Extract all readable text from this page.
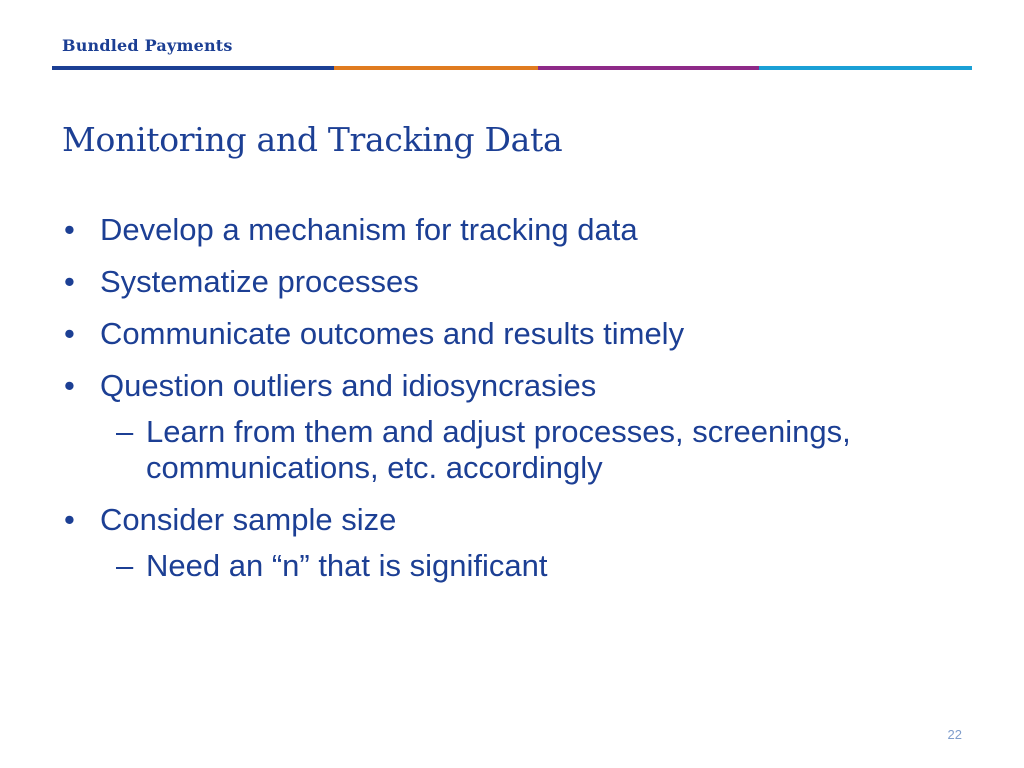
Bundled Payments
Monitoring and Tracking Data
• Develop a mechanism for tracking data
• Systematize processes
• Communicate outcomes and results timely
• Question outliers and idiosyncrasies
– Learn from them and adjust processes, screenings, communications, etc. accordingly
• Consider sample size
– Need an “n” that is significant
22
